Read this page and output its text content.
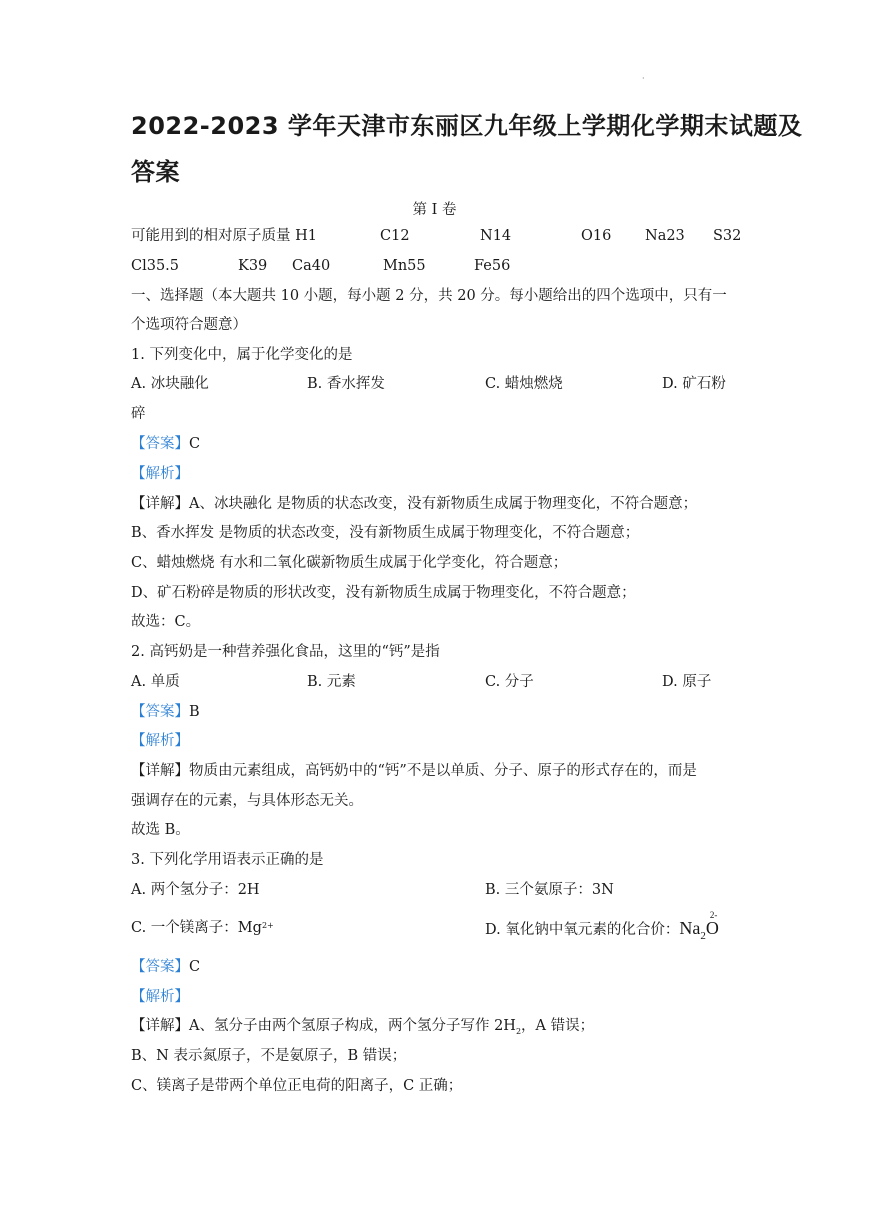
·
2022-2023 学年天津市东丽区九年级上学期化学期末试题及
答案
第 I 卷
可能用到的相对原子质量 H1	C12	N14	O16 Na23 S32
Cl35.5	K39 Ca40	Mn55	Fe56
一、选择题（本大题共 10 小题，每小题 2 分，共 20 分。每小题给出的四个选项中，只有一
个选项符合题意）
1. 下列变化中，属于化学变化的是
A. 冰块融化	B. 香水挥发	C. 蜡烛燃烧	D. 矿石粉
碎
【答案】C
【解析】
【详解】A、冰块融化 是物质的状态改变，没有新物质生成属于物理变化，不符合题意；
B、香水挥发 是物质的状态改变，没有新物质生成属于物理变化，不符合题意；
C、蜡烛燃烧 有水和二氧化碳新物质生成属于化学变化，符合题意；
D、矿石粉碎是物质的形状改变，没有新物质生成属于物理变化，不符合题意；
故选：C。
2. 高钙奶是一种营养强化食品，这里的“钙”是指
A. 单质	B. 元素	C. 分子	D. 原子
【答案】B
【解析】
【详解】物质由元素组成，高钙奶中的“钙”不是以单质、分子、原子的形式存在的，而是
强调存在的元素，与具体形态无关。
故选 B。
3. 下列化学用语表示正确的是
A. 两个氢分子：2H	B. 三个氨原子：3N
C. 一个镁离子：$Mg^{2+}$	D. 氧化钠中氧元素的化合价：$Na_2$
2-
O
【答案】C
【解析】
【详解】A、氢分子由两个氢原子构成，两个氢分子写作 $2H_2$，A 错误；
B、N 表示氮原子，不是氨原子，B 错误；
C、镁离子是带两个单位正电荷的阳离子，C 正确；
